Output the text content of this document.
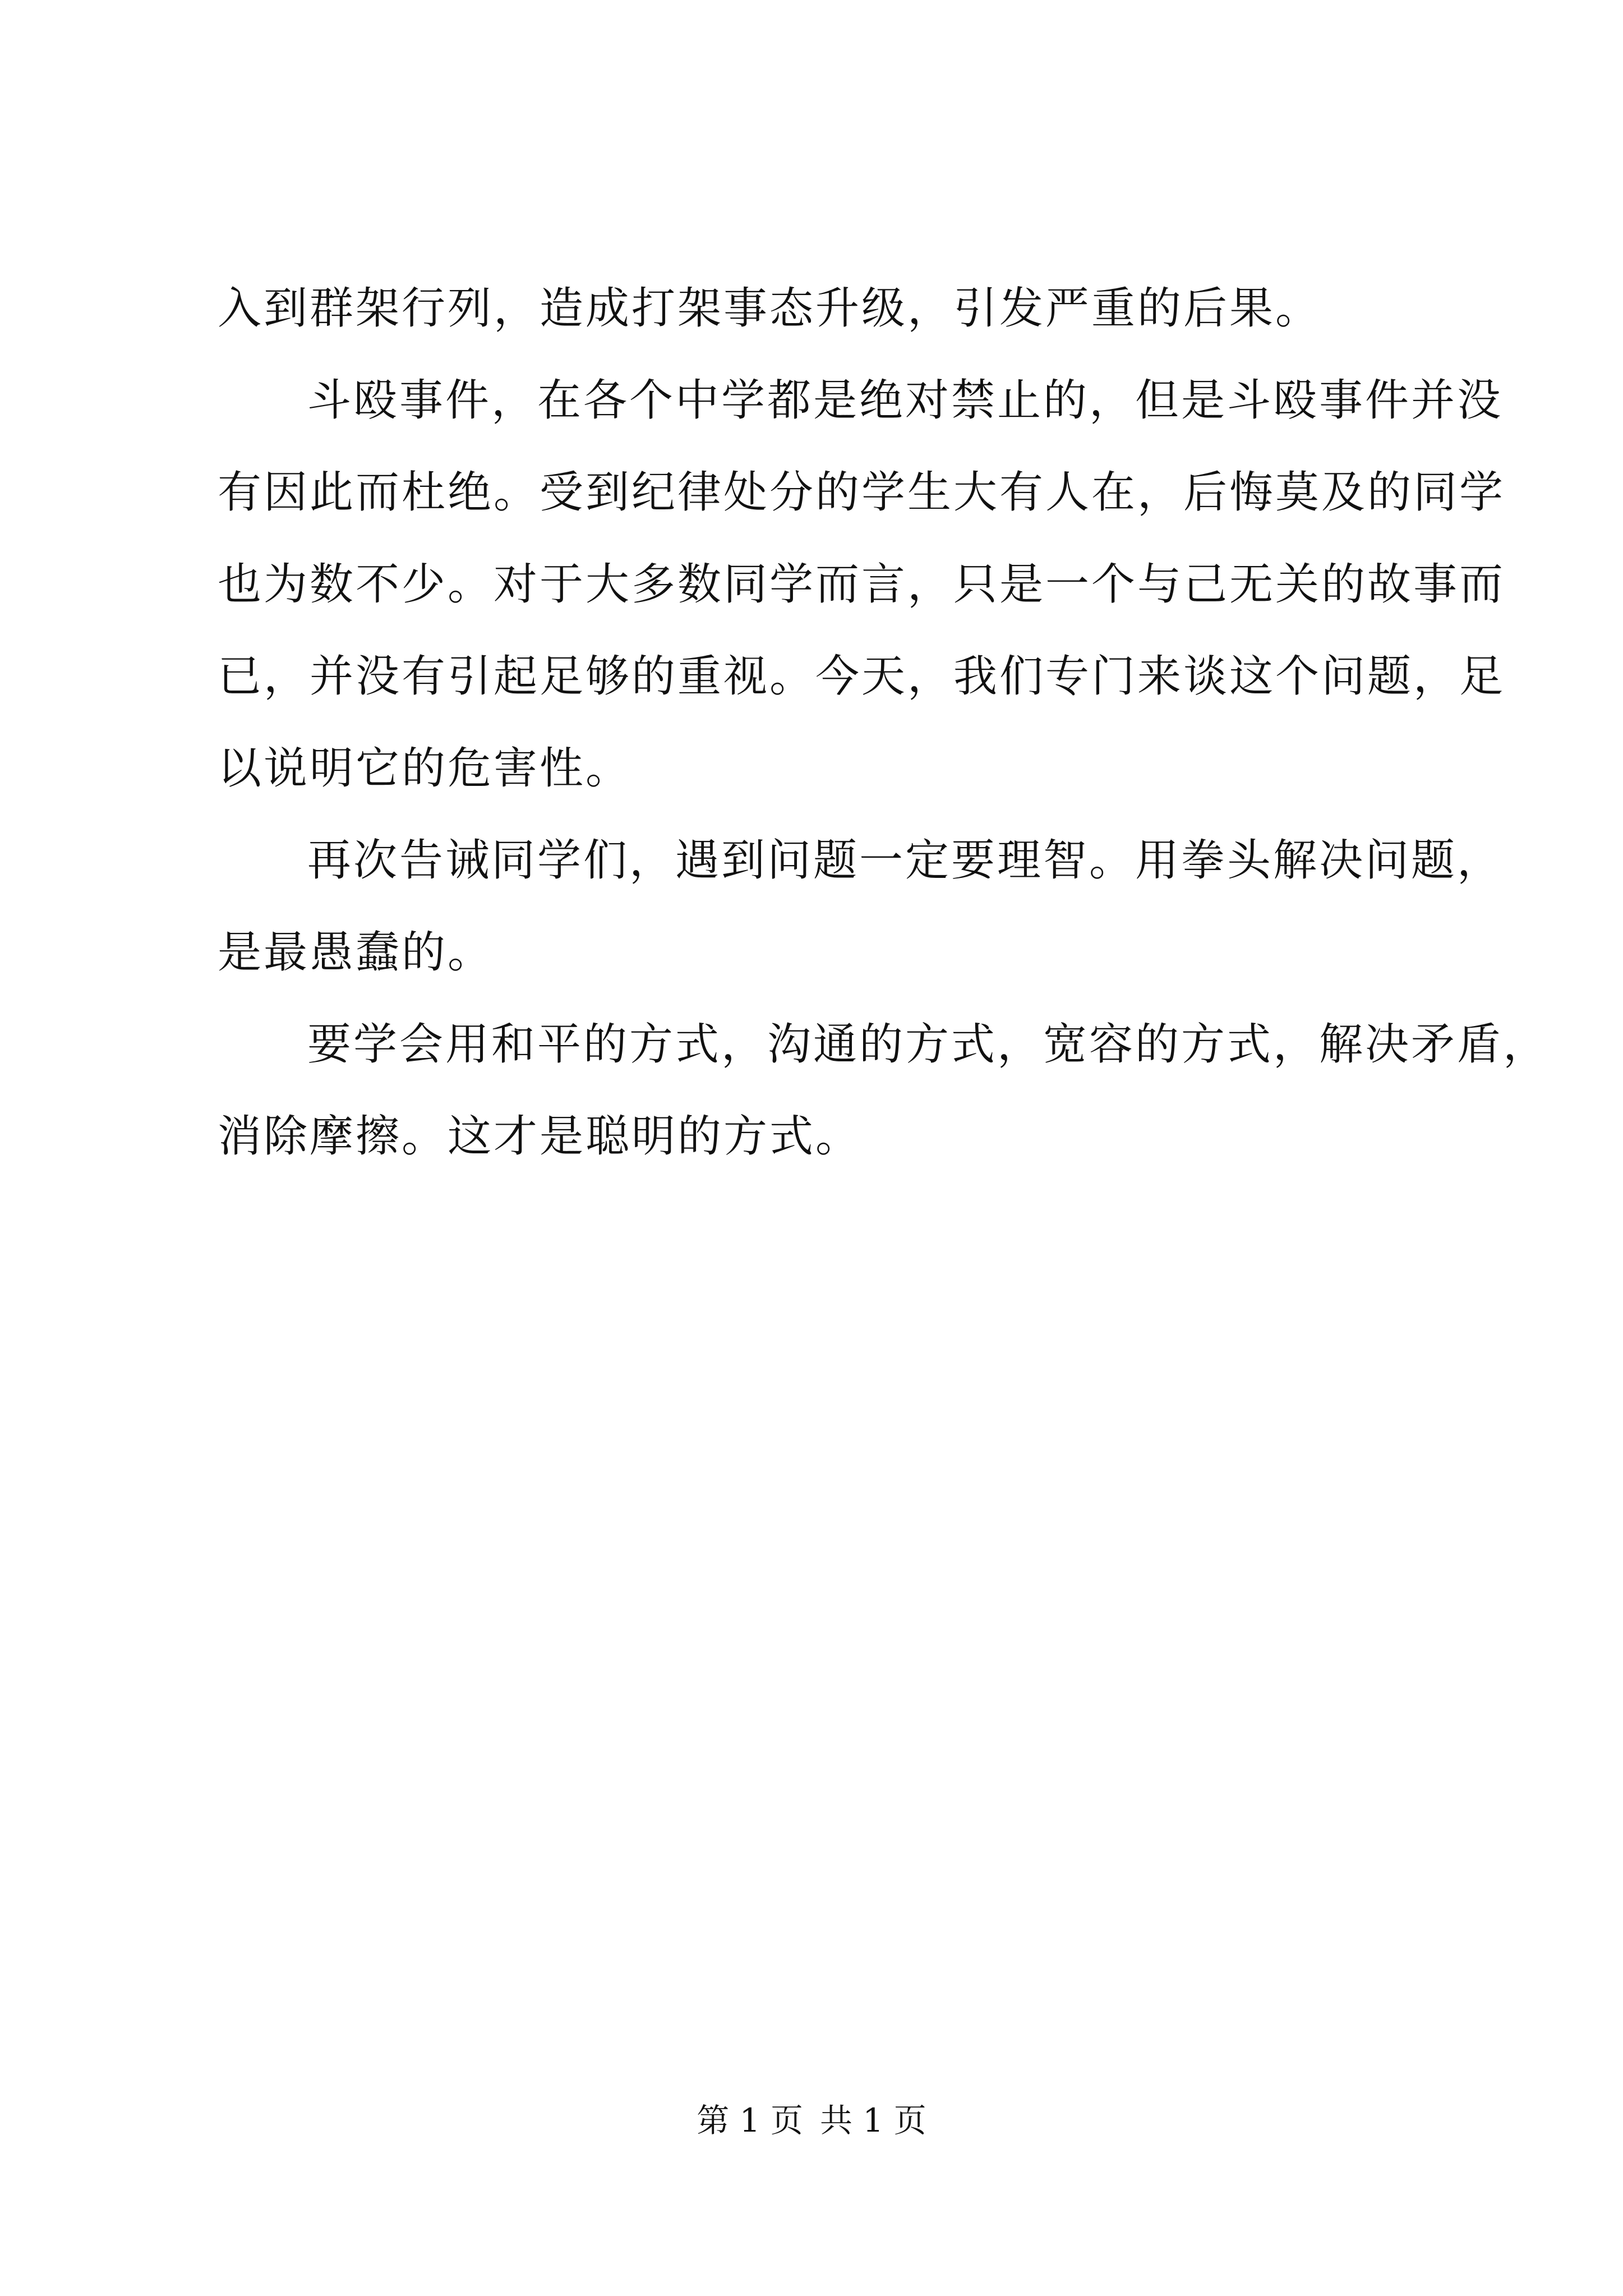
入到群架行列，造成打架事态升级，引发严重的后果。
斗殴事件，在各个中学都是绝对禁止的，但是斗殴事件并没
有因此而杜绝。受到纪律处分的学生大有人在，后悔莫及的同学
也为数不少。对于大多数同学而言，只是一个与己无关的故事而
已，并没有引起足够的重视。今天，我们专门来谈这个问题，足
以说明它的危害性。
再次告诫同学们，遇到问题一定要理智。用拳头解决问题，
是最愚蠢的。
要学会用和平的方式，沟通的方式，宽容的方式，解决矛盾，
消除摩擦。这才是聪明的方式。
第 1 页 共 1 页
